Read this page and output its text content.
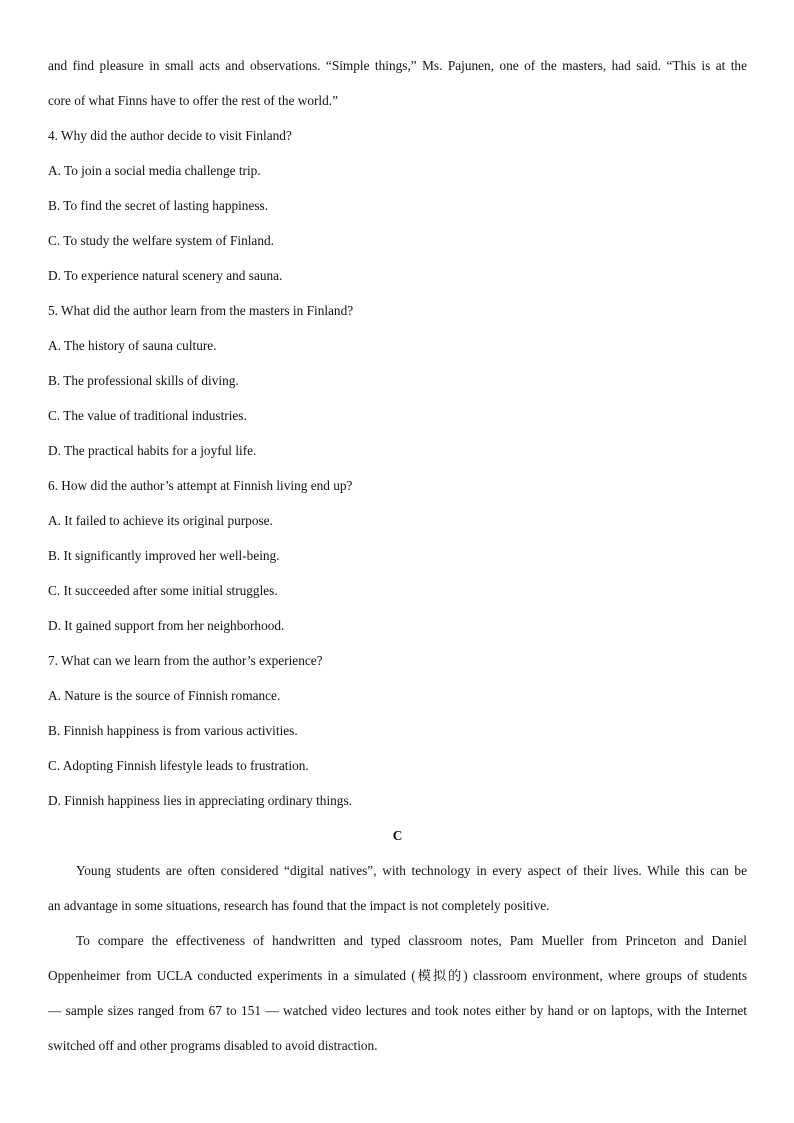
and find pleasure in small acts and observations. “Simple things,” Ms. Pajunen, one of the masters, had said. “This is at the
core of what Finns have to offer the rest of the world.”
4. Why did the author decide to visit Finland?
A. To join a social media challenge trip.
B. To find the secret of lasting happiness.
C. To study the welfare system of Finland.
D. To experience natural scenery and sauna.
5. What did the author learn from the masters in Finland?
A. The history of sauna culture.
B. The professional skills of diving.
C. The value of traditional industries.
D. The practical habits for a joyful life.
6. How did the author’s attempt at Finnish living end up?
A. It failed to achieve its original purpose.
B. It significantly improved her well-being.
C. It succeeded after some initial struggles.
D. It gained support from her neighborhood.
7. What can we learn from the author’s experience?
A. Nature is the source of Finnish romance.
B. Finnish happiness is from various activities.
C. Adopting Finnish lifestyle leads to frustration.
D. Finnish happiness lies in appreciating ordinary things.
C
Young students are often considered “digital natives”, with technology in every aspect of their lives. While this can be
an advantage in some situations, research has found that the impact is not completely positive.
To compare the effectiveness of handwritten and typed classroom notes, Pam Mueller from Princeton and Daniel
Oppenheimer from UCLA conducted experiments in a simulated (模拟的) classroom environment, where groups of students
— sample sizes ranged from 67 to 151 — watched video lectures and took notes either by hand or on laptops, with the Internet
switched off and other programs disabled to avoid distraction.
